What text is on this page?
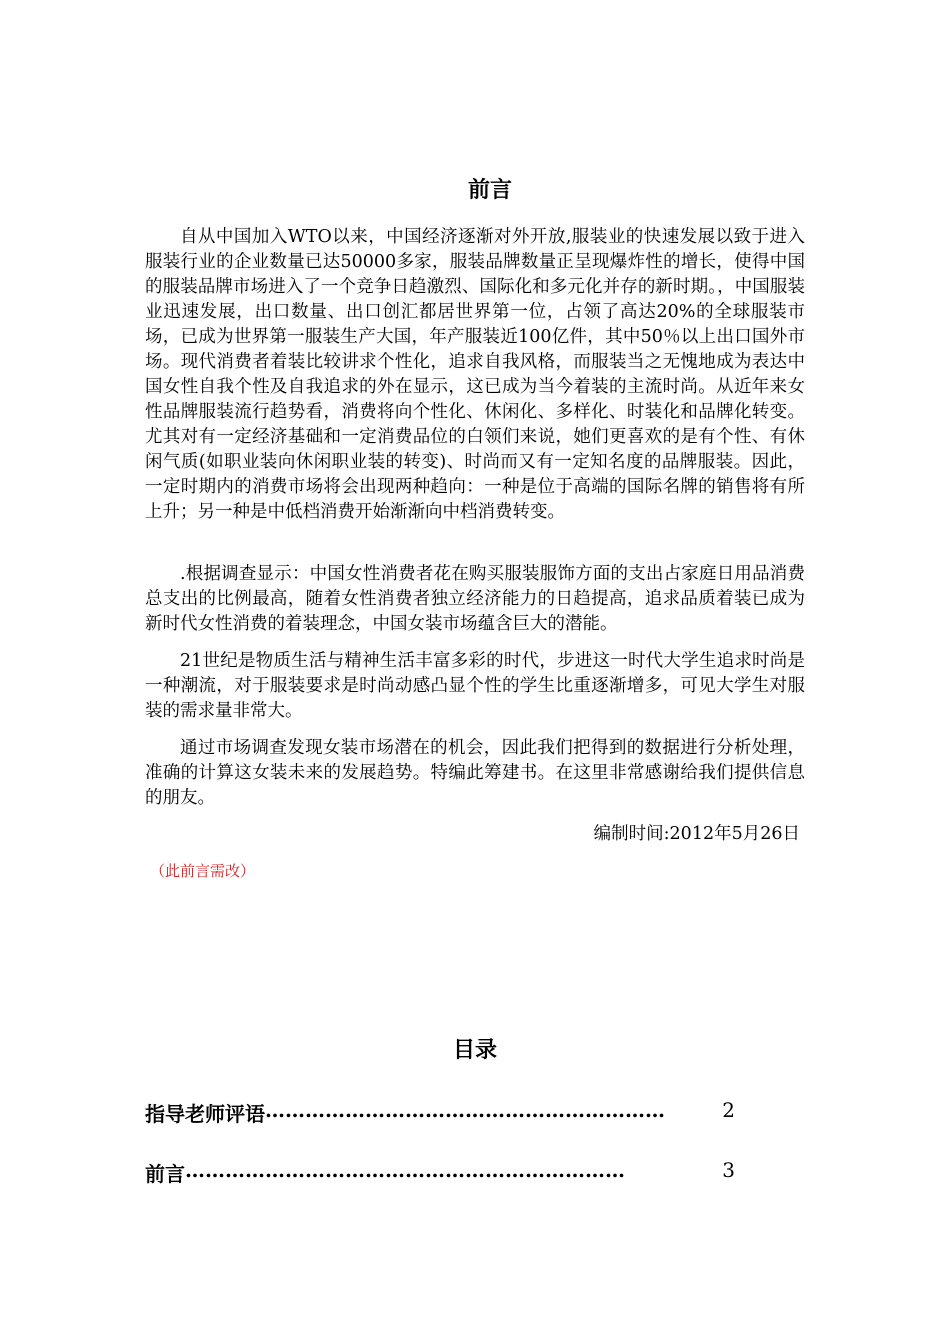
前言

自从中国加入WTO以来，中国经济逐渐对外开放,服装业的快速发展以致于进入服装行业的企业数量已达50000多家，服装品牌数量正呈现爆炸性的增长，使得中国的服装品牌市场进入了一个竞争日趋激烈、国际化和多元化并存的新时期。，中国服装业迅速发展，出口数量、出口创汇都居世界第一位，占领了高达20%的全球服装市场，已成为世界第一服装生产大国，年产服装近100亿件，其中50％以上出口国外市场。现代消费者着装比较讲求个性化，追求自我风格，而服装当之无愧地成为表达中国女性自我个性及自我追求的外在显示，这已成为当今着装的主流时尚。从近年来女性品牌服装流行趋势看，消费将向个性化、休闲化、多样化、时装化和品牌化转变。尤其对有一定经济基础和一定消费品位的白领们来说，她们更喜欢的是有个性、有休闲气质(如职业装向休闲职业装的转变)、时尚而又有一定知名度的品牌服装。因此，一定时期内的消费市场将会出现两种趋向：一种是位于高端的国际名牌的销售将有所上升；另一种是中低档消费开始渐渐向中档消费转变。

.根据调查显示：中国女性消费者花在购买服装服饰方面的支出占家庭日用品消费总支出的比例最高，随着女性消费者独立经济能力的日趋提高，追求品质着装已成为新时代女性消费的着装理念，中国女装市场蕴含巨大的潜能。

21世纪是物质生活与精神生活丰富多彩的时代，步进这一时代大学生追求时尚是一种潮流，对于服装要求是时尚动感凸显个性的学生比重逐渐增多，可见大学生对服装的需求量非常大。

通过市场调查发现女装市场潜在的机会，因此我们把得到的数据进行分析处理，准确的计算这女装未来的发展趋势。特编此筹建书。在这里非常感谢给我们提供信息的朋友。

编制时间:2012年5月26日
（此前言需改）
目录
指导老师评语 ……………………………………………………	2
前言 …………………………………………………………	3
